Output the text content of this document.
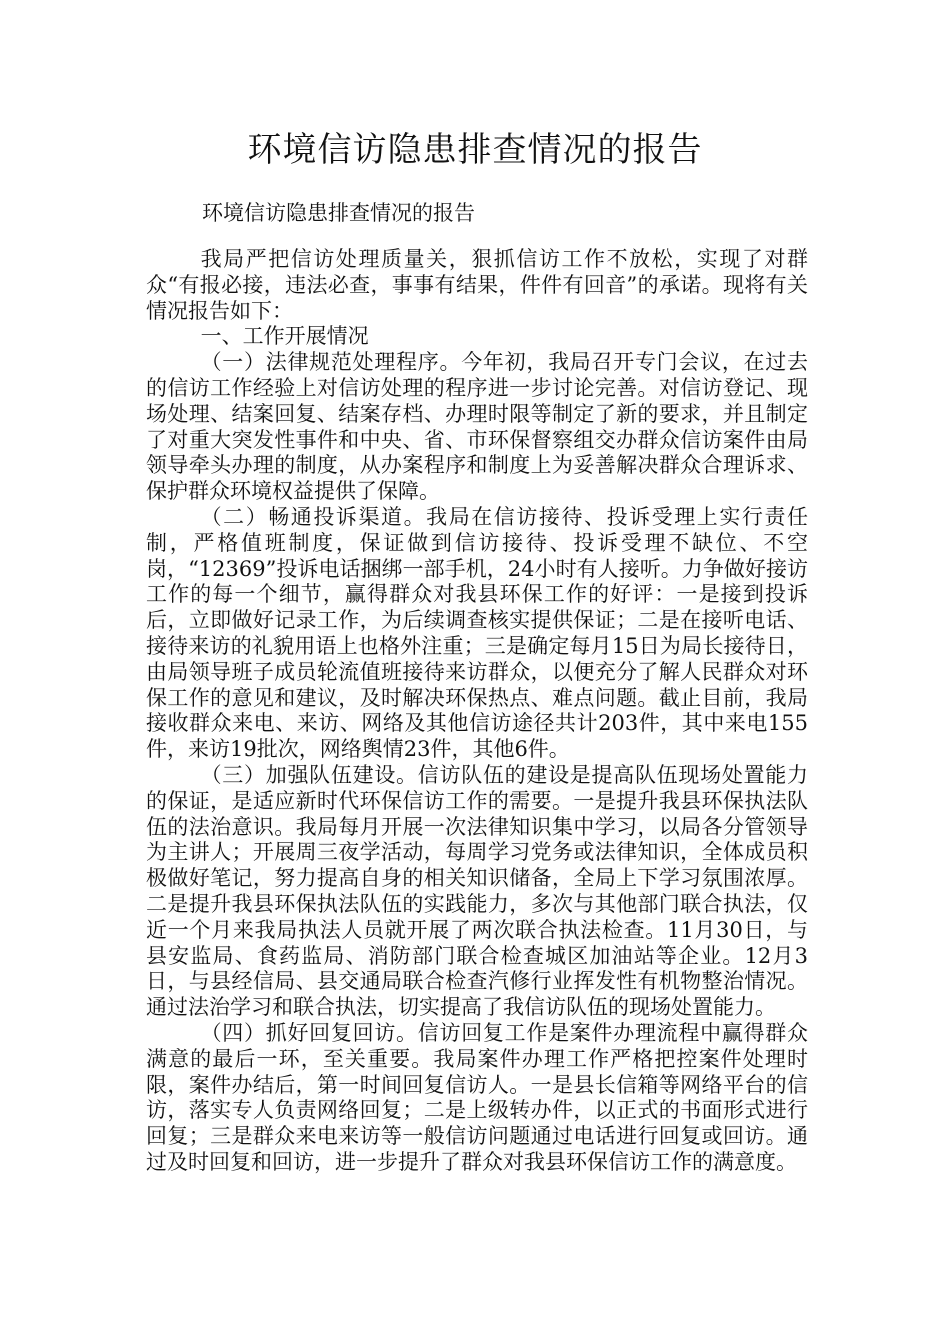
环境信访隐患排查情况的报告
环境信访隐患排查情况的报告

我局严把信访处理质量关，狠抓信访工作不放松，实现了对群众“有报必接，违法必查，事事有结果，件件有回音”的承诺。现将有关情况报告如下：

一、工作开展情况

（一）法律规范处理程序。今年初，我局召开专门会议，在过去的信访工作经验上对信访处理的程序进一步讨论完善。对信访登记、现场处理、结案回复、结案存档、办理时限等制定了新的要求，并且制定了对重大突发性事件和中央、省、市环保督察组交办群众信访案件由局领导牵头办理的制度，从办案程序和制度上为妥善解决群众合理诉求、保护群众环境权益提供了保障。

（二）畅通投诉渠道。我局在信访接待、投诉受理上实行责任制，严格值班制度，保证做到信访接待、投诉受理不缺位、不空岗，“12369”投诉电话捆绑一部手机，24小时有人接听。力争做好接访工作的每一个细节，赢得群众对我县环保工作的好评：一是接到投诉后，立即做好记录工作，为后续调查核实提供保证；二是在接听电话、接待来访的礼貌用语上也格外注重；三是确定每月15日为局长接待日，由局领导班子成员轮流值班接待来访群众，以便充分了解人民群众对环保工作的意见和建议，及时解决环保热点、难点问题。截止目前，我局接收群众来电、来访、网络及其他信访途径共计203件，其中来电155件，来访19批次，网络舆情23件，其他6件。

（三）加强队伍建设。信访队伍的建设是提高队伍现场处置能力的保证，是适应新时代环保信访工作的需要。一是提升我县环保执法队伍的法治意识。我局每月开展一次法律知识集中学习，以局各分管领导为主讲人；开展周三夜学活动，每周学习党务或法律知识，全体成员积极做好笔记，努力提高自身的相关知识储备，全局上下学习氛围浓厚。二是提升我县环保执法队伍的实践能力，多次与其他部门联合执法，仅近一个月来我局执法人员就开展了两次联合执法检查。11月30日，与县安监局、食药监局、消防部门联合检查城区加油站等企业。12月3日，与县经信局、县交通局联合检查汽修行业挥发性有机物整治情况。通过法治学习和联合执法，切实提高了我信访队伍的现场处置能力。

（四）抓好回复回访。信访回复工作是案件办理流程中赢得群众满意的最后一环，至关重要。我局案件办理工作严格把控案件处理时限，案件办结后，第一时间回复信访人。一是县长信箱等网络平台的信访，落实专人负责网络回复；二是上级转办件，以正式的书面形式进行回复；三是群众来电来访等一般信访问题通过电话进行回复或回访。通过及时回复和回访，进一步提升了群众对我县环保信访工作的满意度。
